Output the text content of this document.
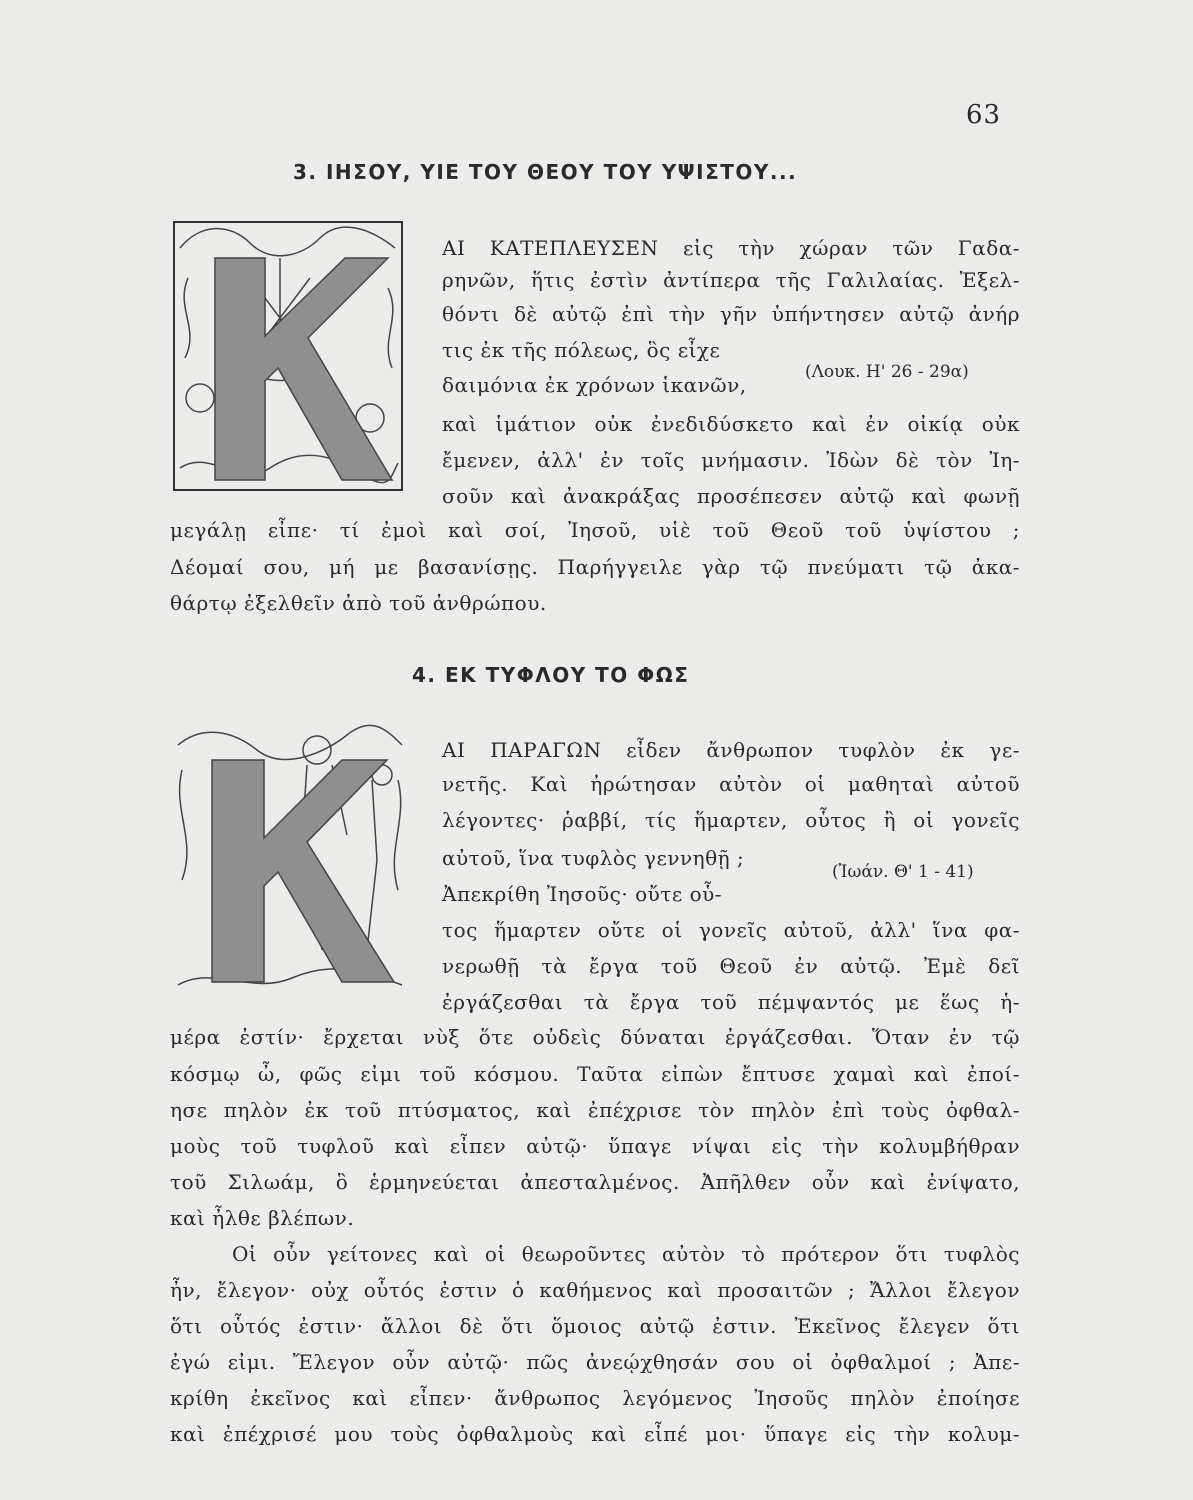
63
3. ΙΗΣΟΥ, ΥΙΕ ΤΟΥ ΘΕΟΥ ΤΟΥ ΥΨΙΣΤΟΥ...
ΑΙ ΚΑΤΕΠΛΕΥΣΕΝ εἰς τὴν χώραν τῶν Γαδα-
ρηνῶν, ἥτις ἐστὶν ἀντίπερα τῆς Γαλιλαίας. Ἐξελ-
θόντι δὲ αὐτῷ ἐπὶ τὴν γῆν ὑπήντησεν αὐτῷ ἀνήρ
τις ἐκ τῆς πόλεως, ὃς εἶχε
δαιμόνια ἐκ χρόνων ἱκανῶν,
(Λουκ. Η' 26 - 29α)
καὶ ἱμάτιον οὐκ ἐνεδιδύσκετο καὶ ἐν οἰκίᾳ οὐκ
ἔμενεν, ἀλλ' ἐν τοῖς μνήμασιν. Ἰδὼν δὲ τὸν Ἰη-
σοῦν καὶ ἀνακράξας προσέπεσεν αὐτῷ καὶ φωνῇ
μεγάλῃ εἶπε· τί ἐμοὶ καὶ σοί, Ἰησοῦ, υἱὲ τοῦ Θεοῦ τοῦ ὑψίστου ;
Δέομαί σου, μή με βασανίσῃς. Παρήγγειλε γὰρ τῷ πνεύματι τῷ ἀκα-
θάρτῳ ἐξελθεῖν ἀπὸ τοῦ ἀνθρώπου.
4. ΕΚ ΤΥΦΛΟΥ ΤΟ ΦΩΣ
ΑΙ ΠΑΡΑΓΩΝ εἶδεν ἄνθρωπον τυφλὸν ἐκ γε-
νετῆς. Καὶ ἠρώτησαν αὐτὸν οἱ μαθηταὶ αὐτοῦ
λέγοντες· ῥαββί, τίς ἥμαρτεν, οὗτος ἢ οἱ γονεῖς
αὐτοῦ, ἵνα τυφλὸς γεννηθῇ ;
Ἀπεκρίθη Ἰησοῦς· οὔτε οὗ-
(Ἰωάν. Θ' 1 - 41)
τος ἥμαρτεν οὔτε οἱ γονεῖς αὐτοῦ, ἀλλ' ἵνα φα-
νερωθῇ τὰ ἔργα τοῦ Θεοῦ ἐν αὐτῷ. Ἐμὲ δεῖ
ἐργάζεσθαι τὰ ἔργα τοῦ πέμψαντός με ἕως ἡ-
μέρα ἐστίν· ἔρχεται νὺξ ὅτε οὐδεὶς δύναται ἐργάζεσθαι. Ὅταν ἐν τῷ
κόσμῳ ὦ, φῶς εἰμι τοῦ κόσμου. Ταῦτα εἰπὼν ἔπτυσε χαμαὶ καὶ ἐποί-
ησε πηλὸν ἐκ τοῦ πτύσματος, καὶ ἐπέχρισε τὸν πηλὸν ἐπὶ τοὺς ὀφθαλ-
μοὺς τοῦ τυφλοῦ καὶ εἶπεν αὐτῷ· ὕπαγε νίψαι εἰς τὴν κολυμβήθραν
τοῦ Σιλωάμ, ὃ ἑρμηνεύεται ἀπεσταλμένος. Ἀπῆλθεν οὖν καὶ ἐνίψατο,
καὶ ἦλθε βλέπων.
Οἱ οὖν γείτονες καὶ οἱ θεωροῦντες αὐτὸν τὸ πρότερον ὅτι τυφλὸς
ἦν, ἔλεγον· οὐχ οὗτός ἐστιν ὁ καθήμενος καὶ προσαιτῶν ; Ἄλλοι ἔλεγον
ὅτι οὗτός ἐστιν· ἄλλοι δὲ ὅτι ὅμοιος αὐτῷ ἐστιν. Ἐκεῖνος ἔλεγεν ὅτι
ἐγώ εἰμι. Ἔλεγον οὖν αὐτῷ· πῶς ἀνεῴχθησάν σου οἱ ὀφθαλμοί ; Ἀπε-
κρίθη ἐκεῖνος καὶ εἶπεν· ἄνθρωπος λεγόμενος Ἰησοῦς πηλὸν ἐποίησε
καὶ ἐπέχρισέ μου τοὺς ὀφθαλμοὺς καὶ εἶπέ μοι· ὕπαγε εἰς τὴν κολυμ-
